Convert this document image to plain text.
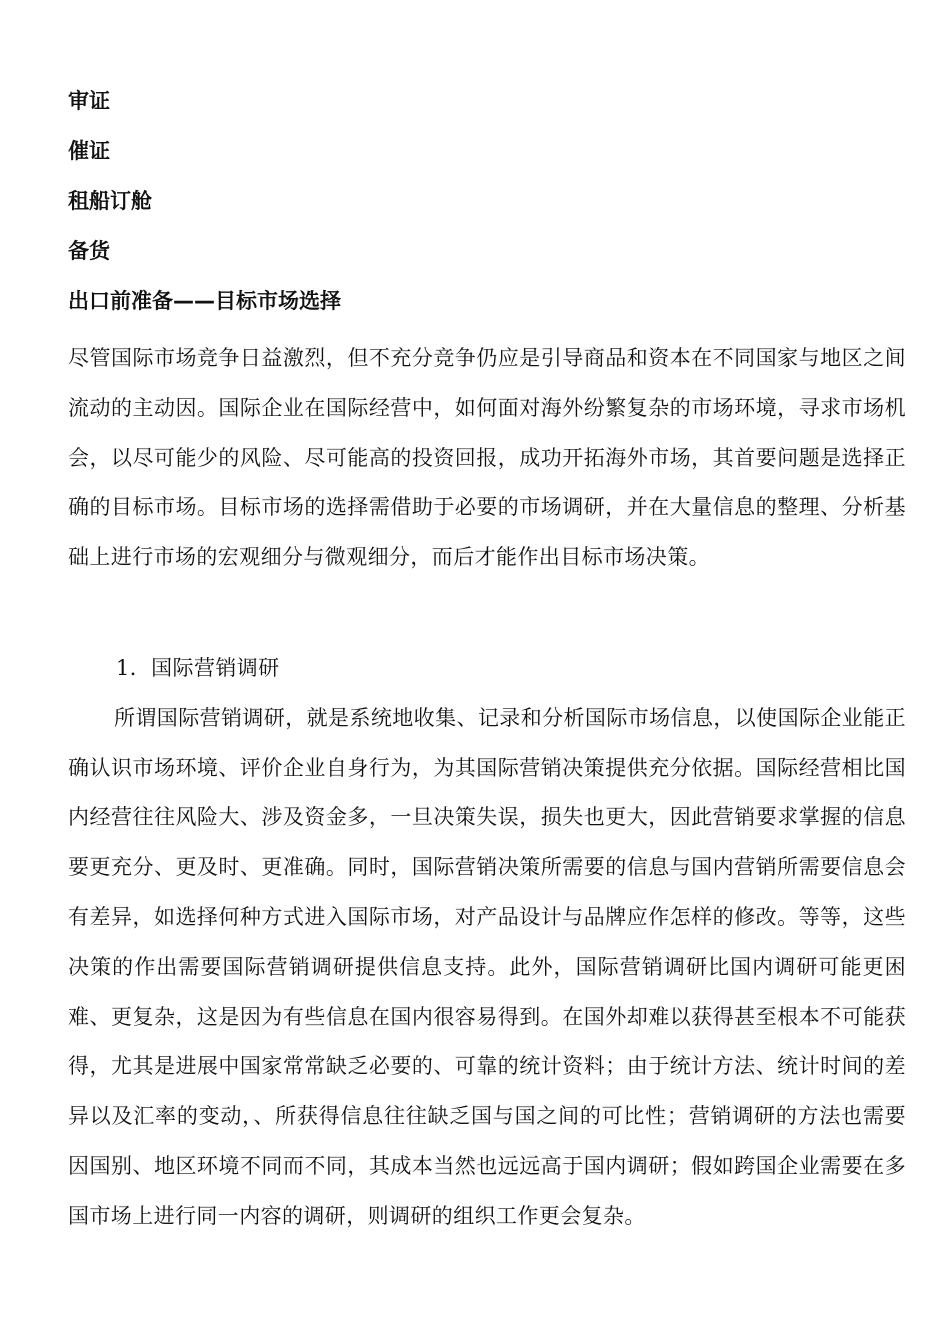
审证
催证
租船订舱
备货
出口前准备——目标市场选择

尽管国际市场竞争日益激烈，但不充分竞争仍应是引导商品和资本在不同国家与地区之间流动的主动因。国际企业在国际经营中，如何面对海外纷繁复杂的市场环境，寻求市场机会，以尽可能少的风险、尽可能高的投资回报，成功开拓海外市场，其首要问题是选择正确的目标市场。目标市场的选择需借助于必要的市场调研，并在大量信息的整理、分析基础上进行市场的宏观细分与微观细分，而后才能作出目标市场决策。

1．国际营销调研

所谓国际营销调研，就是系统地收集、记录和分析国际市场信息，以使国际企业能正确认识市场环境、评价企业自身行为，为其国际营销决策提供充分依据。国际经营相比国内经营往往风险大、涉及资金多，一旦决策失误，损失也更大，因此营销要求掌握的信息要更充分、更及时、更准确。同时，国际营销决策所需要的信息与国内营销所需要信息会有差异，如选择何种方式进入国际市场，对产品设计与品牌应作怎样的修改。等等，这些决策的作出需要国际营销调研提供信息支持。此外，国际营销调研比国内调研可能更困难、更复杂，这是因为有些信息在国内很容易得到。在国外却难以获得甚至根本不可能获得，尤其是进展中国家常常缺乏必要的、可靠的统计资料；由于统计方法、统计时间的差异以及汇率的变动，、所获得信息往往缺乏国与国之间的可比性；营销调研的方法也需要因国别、地区环境不同而不同，其成本当然也远远高于国内调研；假如跨国企业需要在多国市场上进行同一内容的调研，则调研的组织工作更会复杂。
